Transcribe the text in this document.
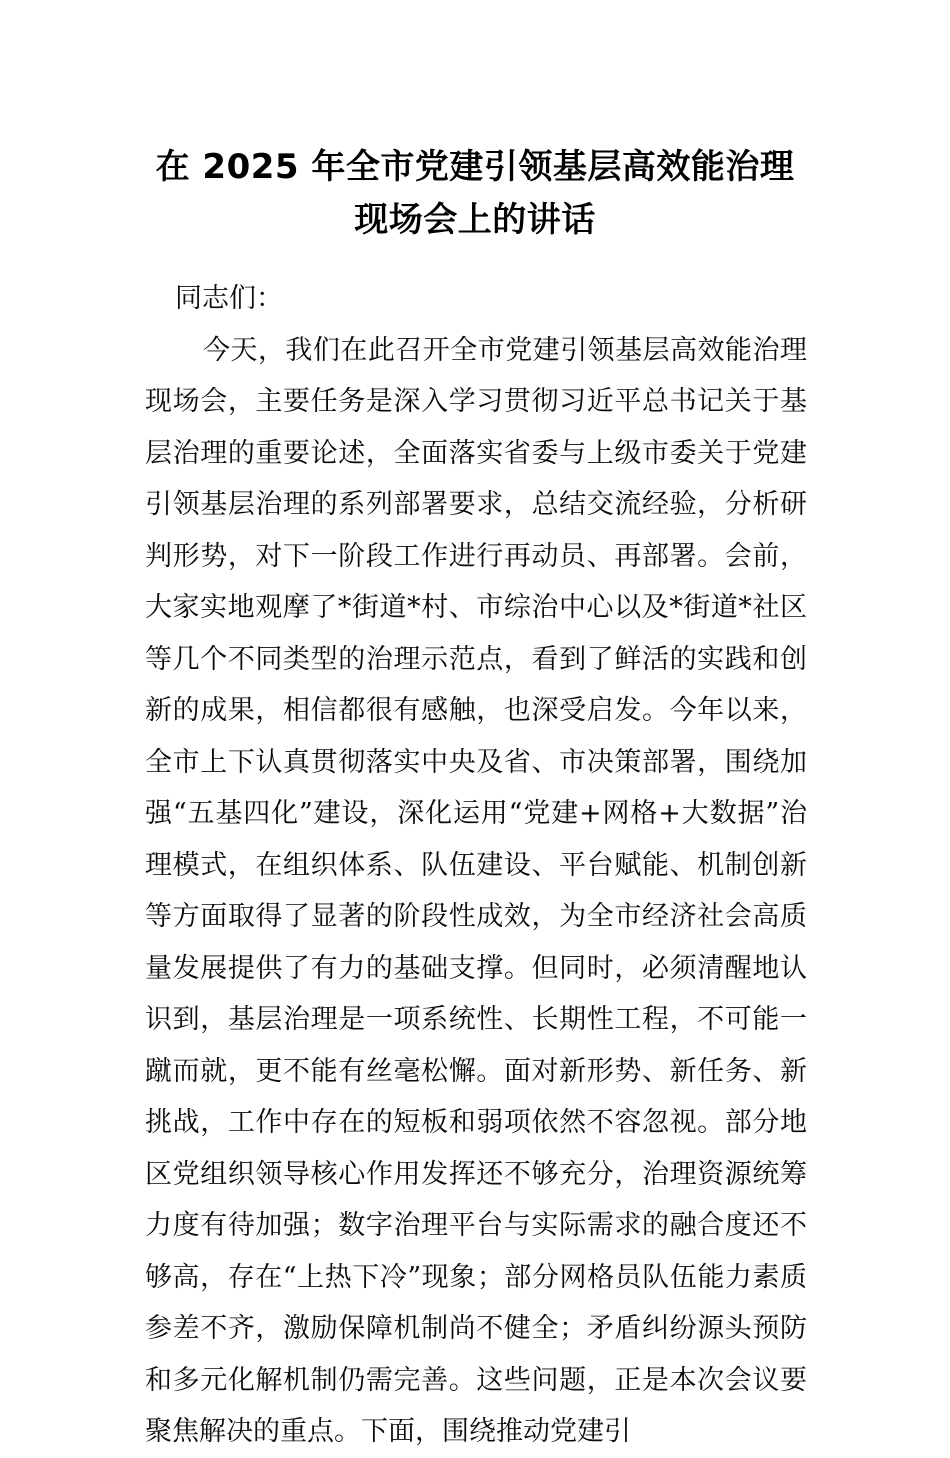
在 2025 年全市党建引领基层高效能治理现场会上的讲话

同志们：

今天，我们在此召开全市党建引领基层高效能治理现场会，主要任务是深入学习贯彻习近平总书记关于基层治理的重要论述，全面落实省委与上级市委关于党建引领基层治理的系列部署要求，总结交流经验，分析研判形势，对下一阶段工作进行再动员、再部署。会前，大家实地观摩了*街道*村、市综治中心以及*街道*社区等几个不同类型的治理示范点，看到了鲜活的实践和创新的成果，相信都很有感触，也深受启发。今年以来，全市上下认真贯彻落实中央及省、市决策部署，围绕加强“五基四化”建设，深化运用“党建+网格+大数据”治理模式，在组织体系、队伍建设、平台赋能、机制创新等方面取得了显著的阶段性成效，为全市经济社会高质量发展提供了有力的基础支撑。但同时，必须清醒地认识到，基层治理是一项系统性、长期性工程，不可能一蹴而就，更不能有丝毫松懈。面对新形势、新任务、新挑战，工作中存在的短板和弱项依然不容忽视。部分地区党组织领导核心作用发挥还不够充分，治理资源统筹力度有待加强；数字治理平台与实际需求的融合度还不够高，存在“上热下冷”现象；部分网格员队伍能力素质参差不齐，激励保障机制尚不健全；矛盾纠纷源头预防和多元化解机制仍需完善。这些问题，正是本次会议要聚焦解决的重点。下面，围绕推动党建引
